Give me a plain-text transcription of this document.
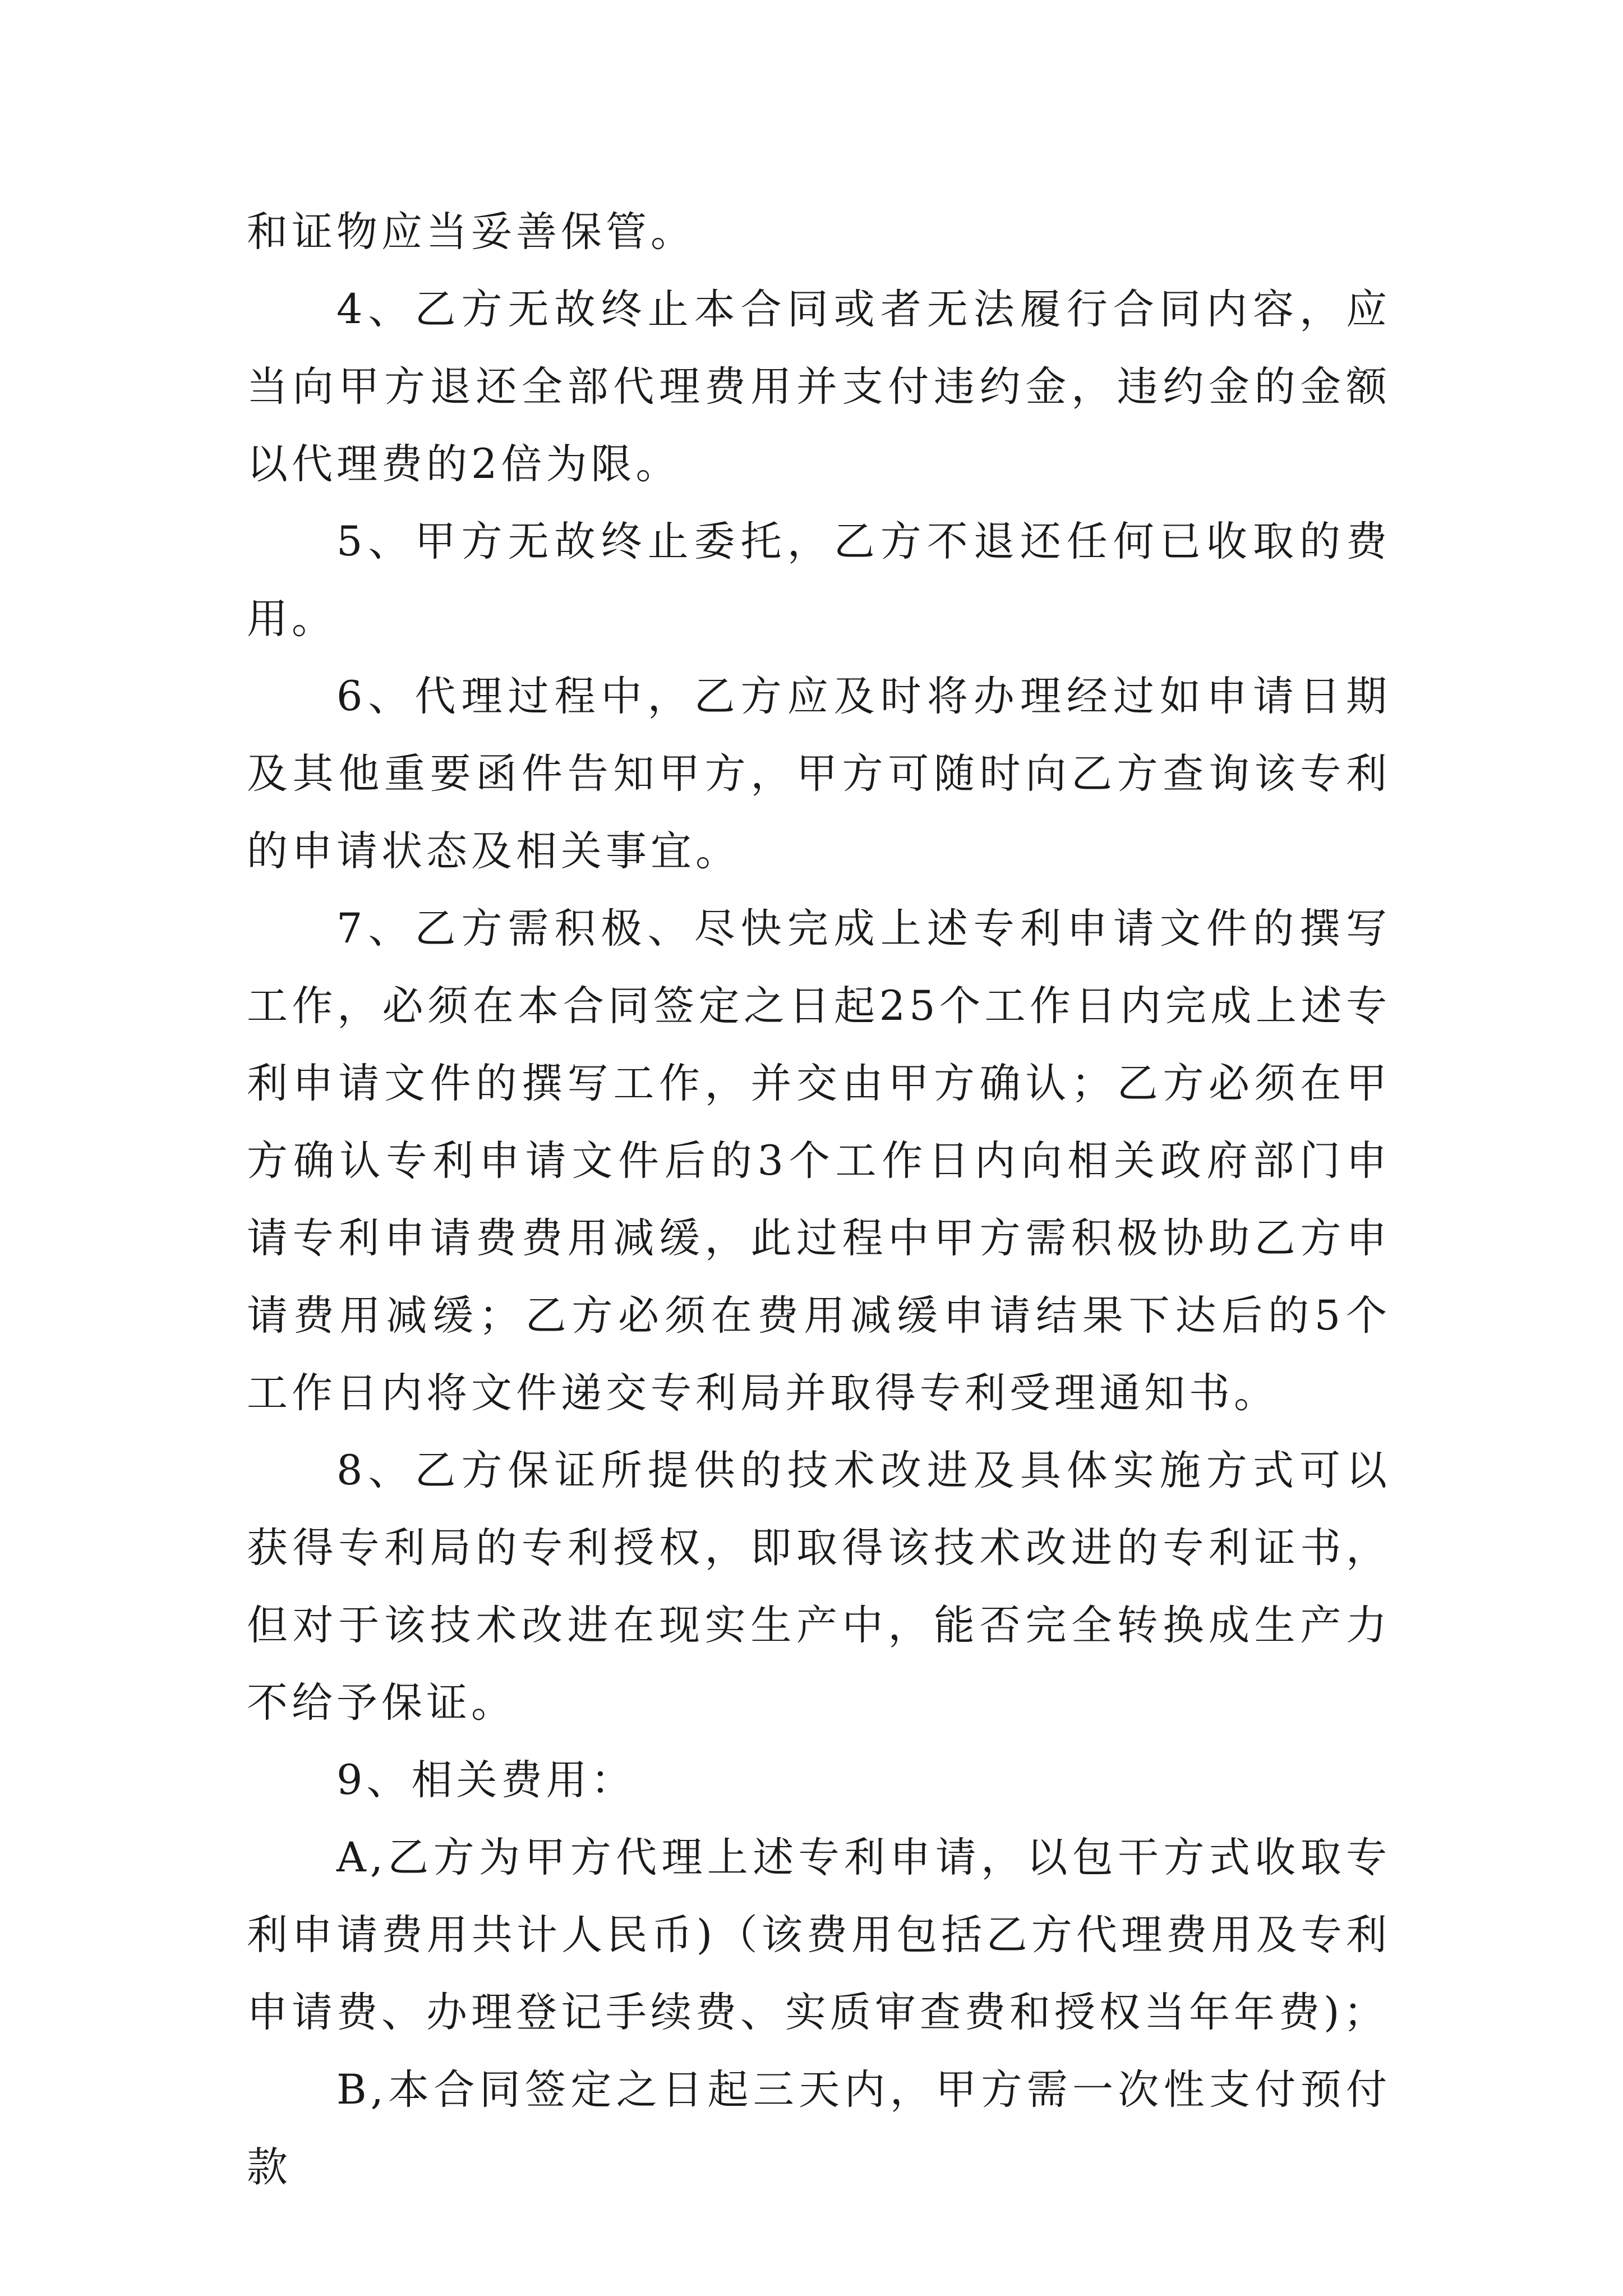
和证物应当妥善保管。

4、乙方无故终止本合同或者无法履行合同内容，应当向甲方退还全部代理费用并支付违约金，违约金的金额以代理费的2倍为限。

5、甲方无故终止委托，乙方不退还任何已收取的费用。

6、代理过程中，乙方应及时将办理经过如申请日期及其他重要函件告知甲方，甲方可随时向乙方查询该专利的申请状态及相关事宜。

7、乙方需积极、尽快完成上述专利申请文件的撰写工作，必须在本合同签定之日起25个工作日内完成上述专利申请文件的撰写工作，并交由甲方确认；乙方必须在甲方确认专利申请文件后的3个工作日内向相关政府部门申请专利申请费费用减缓，此过程中甲方需积极协助乙方申请费用减缓；乙方必须在费用减缓申请结果下达后的5个工作日内将文件递交专利局并取得专利受理通知书。

8、乙方保证所提供的技术改进及具体实施方式可以获得专利局的专利授权，即取得该技术改进的专利证书，但对于该技术改进在现实生产中，能否完全转换成生产力不给予保证。

9、相关费用：

A,乙方为甲方代理上述专利申请，以包干方式收取专利申请费用共计人民币)（该费用包括乙方代理费用及专利申请费、办理登记手续费、实质审查费和授权当年年费)；

B,本合同签定之日起三天内，甲方需一次性支付预付款
